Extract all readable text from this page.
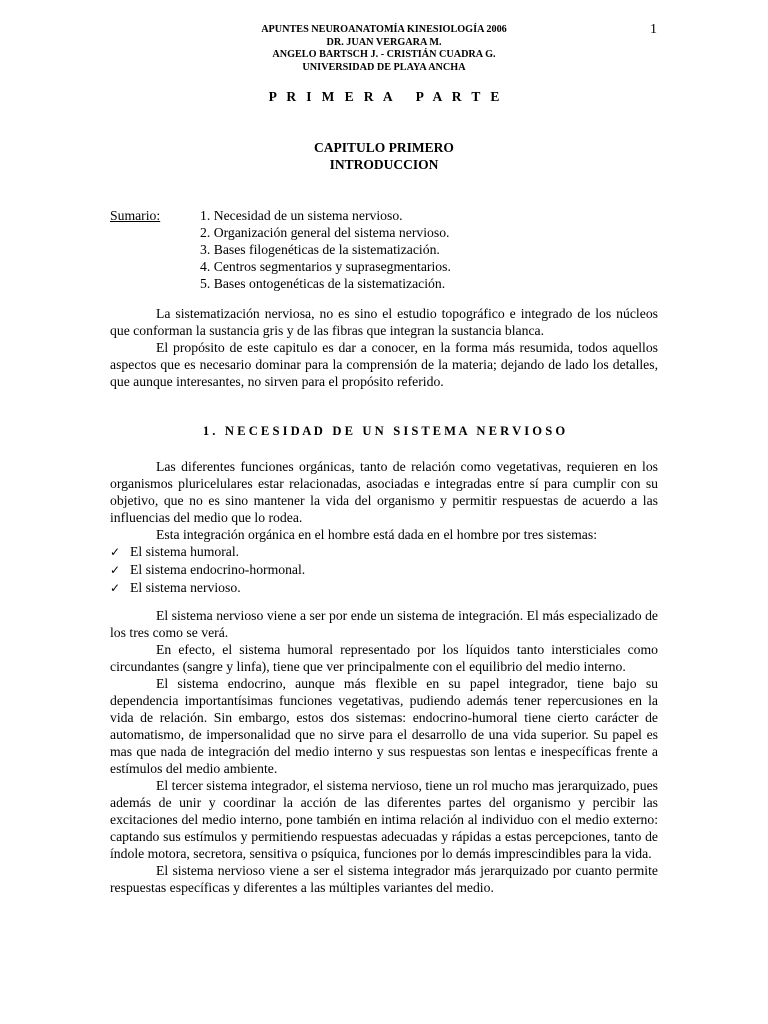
APUNTES NEUROANATOMÍA KINESIOLOGÍA 2006
DR. JUAN VERGARA M.
ANGELO BARTSCH J. - CRISTIÁN CUADRA G.
UNIVERSIDAD DE PLAYA ANCHA
1
P   R   I   M   E   R   A       P   A   R   T   E
CAPITULO PRIMERO
INTRODUCCION
Sumario:	1. Necesidad de un sistema nervioso.
2. Organización general del sistema nervioso.
3. Bases filogenéticas de la sistematización.
4. Centros segmentarios y suprasegmentarios.
5. Bases ontogenéticas de la sistematización.

La sistematización nerviosa, no es sino el estudio topográfico e integrado de los núcleos que conforman la sustancia gris y de las fibras que integran la sustancia blanca.

El propósito de este capitulo es dar a conocer, en la forma más resumida, todos aquellos aspectos que es necesario dominar para la comprensión de la materia; dejando de lado los detalles, que aunque interesantes, no sirven para el propósito referido.

1 .   N E C E S I D A D   D E   U N   S I S T E M A   N E R V I O S O

Las diferentes funciones orgánicas, tanto de relación como vegetativas, requieren en los organismos pluricelulares estar relacionadas, asociadas e integradas entre sí para cumplir con su objetivo, que no es sino mantener la vida del organismo y permitir respuestas de acuerdo a las influencias del medio que lo rodea.

Esta integración orgánica en el hombre está dada en el hombre por tres sistemas:

✓ El sistema humoral.
✓ El sistema endocrino-hormonal.
✓ El sistema nervioso.

El sistema nervioso viene a ser por ende un sistema de integración. El más especializado de los tres como se verá.

En efecto, el sistema humoral representado por los líquidos tanto intersticiales como circundantes (sangre y linfa), tiene que ver principalmente con el equilibrio del medio interno.

El sistema endocrino, aunque más flexible en su papel integrador, tiene bajo su dependencia importantísimas funciones vegetativas, pudiendo además tener repercusiones en la vida de relación. Sin embargo, estos dos sistemas: endocrino-humoral tiene cierto carácter de automatismo, de impersonalidad que no sirve para el desarrollo de una vida superior. Su papel es mas que nada de integración del medio interno y sus respuestas son lentas e inespecíficas frente a estímulos del medio ambiente.

El tercer sistema integrador, el sistema nervioso, tiene un rol mucho mas jerarquizado, pues además de unir y coordinar la acción de las diferentes partes del organismo y percibir las excitaciones del medio interno, pone también en intima relación al individuo con el medio externo: captando sus estímulos y permitiendo respuestas adecuadas y rápidas a estas percepciones, tanto de índole motora, secretora, sensitiva o psíquica, funciones por lo demás imprescindibles para la vida.

El sistema nervioso viene a ser el sistema integrador más jerarquizado por cuanto permite respuestas específicas y diferentes a las múltiples variantes del medio.
